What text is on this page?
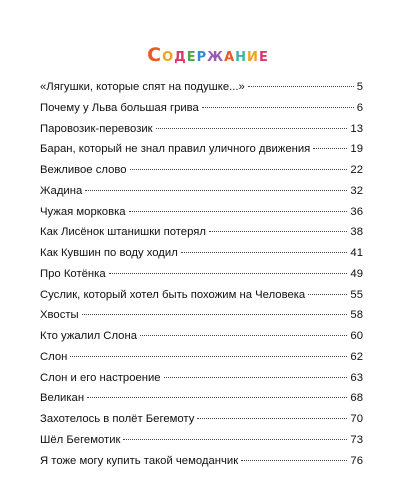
Содержание
«Лягушки, которые спят на подушке...»	5
Почему у Льва большая грива	6
Паровозик-перевозик	13
Баран, который не знал правил уличного движения	19
Вежливое слово	22
Жадина	32
Чужая морковка	36
Как Лисёнок штанишки потерял	38
Как Кувшин по воду ходил	41
Про Котёнка	49
Суслик, который хотел быть похожим на Человека	55
Хвосты	58
Кто ужалил Слона	60
Слон	62
Слон и его настроение	63
Великан	68
Захотелось в полёт Бегемоту	70
Шёл Бегемотик	73
Я тоже могу купить такой чемоданчик	76
